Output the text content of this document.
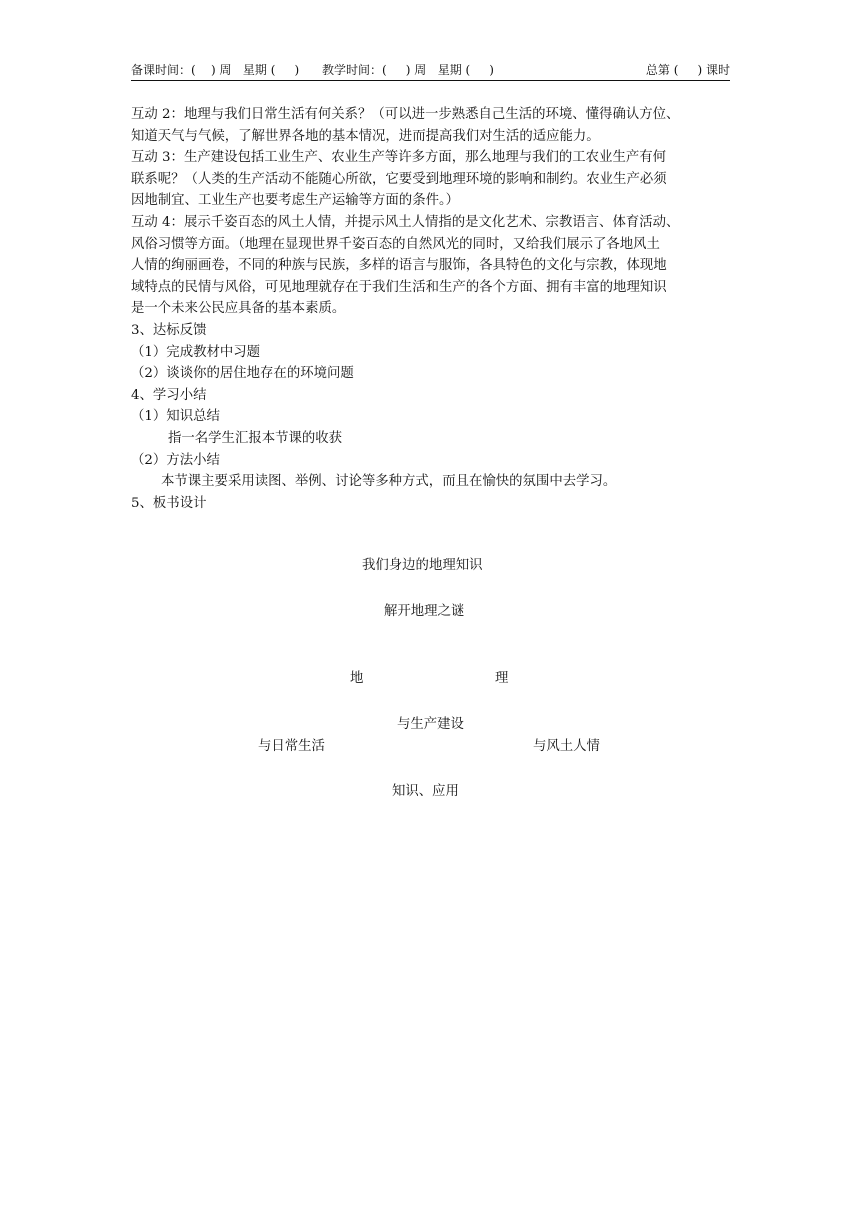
备课时间：(    ) 周   星期 (     )      教学时间：(     ) 周   星期 (     )	总第 (     ) 课时

互动 2：地理与我们日常生活有何关系？（可以进一步熟悉自己生活的环境、懂得确认方位、

知道天气与气候，了解世界各地的基本情况，进而提高我们对生活的适应能力。

互动 3：生产建设包括工业生产、农业生产等许多方面，那么地理与我们的工农业生产有何

联系呢？（人类的生产活动不能随心所欲，它要受到地理环境的影响和制约。农业生产必须

因地制宜、工业生产也要考虑生产运输等方面的条件。）

互动 4：展示千姿百态的风土人情，并提示风土人情指的是文化艺术、宗教语言、体育活动、

风俗习惯等方面。（地理在显现世界千姿百态的自然风光的同时，又给我们展示了各地风土

人情的绚丽画卷，不同的种族与民族，多样的语言与服饰，各具特色的文化与宗教，体现地

域特点的民情与风俗，可见地理就存在于我们生活和生产的各个方面、拥有丰富的地理知识

是一个未来公民应具备的基本素质。

3、达标反馈

（1）完成教材中习题

（2）谈谈你的居住地存在的环境问题

4、学习小结

（1）知识总结

指一名学生汇报本节课的收获

（2）方法小结

本节课主要采用读图、举例、讨论等多种方式，而且在愉快的氛围中去学习。

5、板书设计

我们身边的地理知识
解开地理之谜
地	理
与生产建设
与日常生活	与风土人情
知识、应用
